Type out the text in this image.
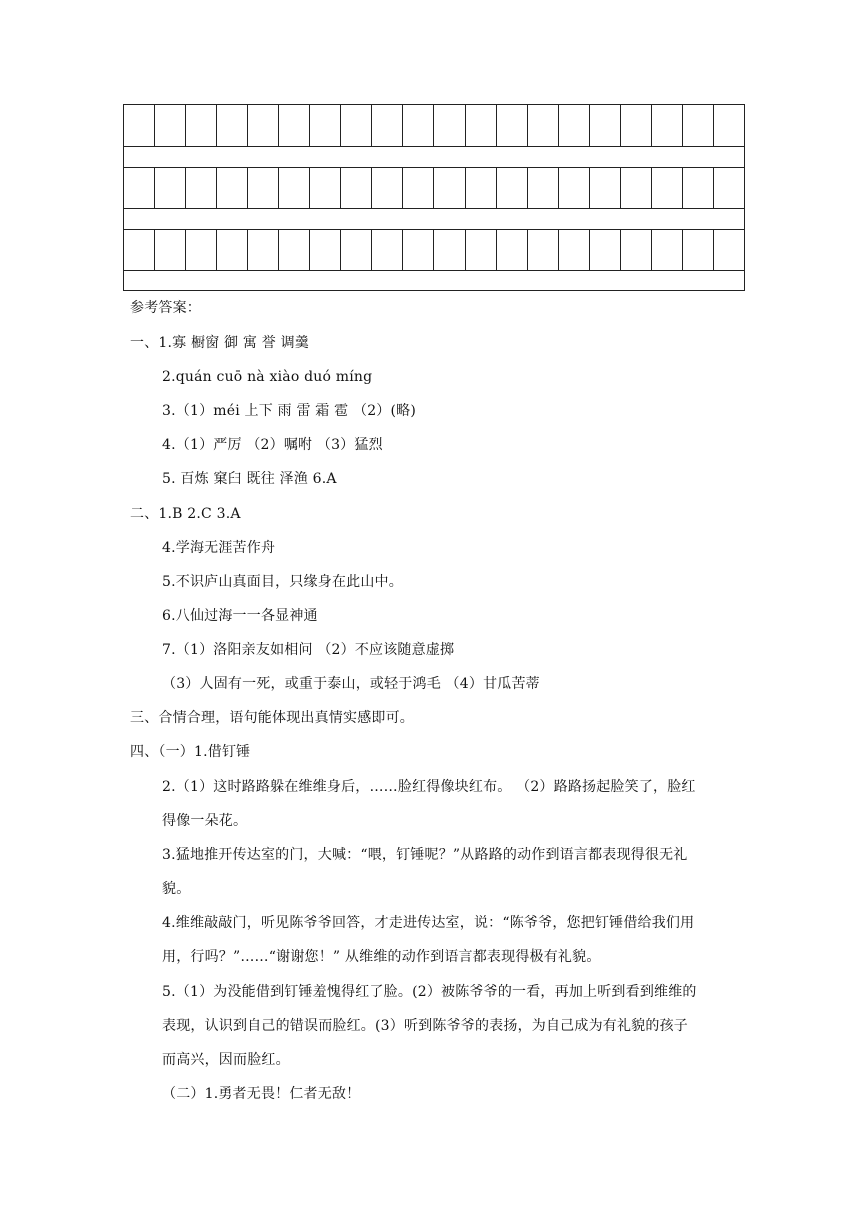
参考答案：
一、1.寡 橱窗 御 寓 誉 调羹
2.quán cuō nà xiào duó míng
3.（1）méi 上下 雨 雷 霜 雹 （2）(略)
4.（1）严厉 （2）嘱咐 （3）猛烈
5. 百炼 窠臼 既往 泽渔 6.A
二、1.B 2.C 3.A
4.学海无涯苦作舟
5.不识庐山真面目，只缘身在此山中。
6.八仙过海一一各显神通
7.（1）洛阳亲友如相问 （2）不应该随意虚掷
（3）人固有一死，或重于泰山，或轻于鸿毛 （4）甘瓜苦蒂
三、合情合理，语句能体现出真情实感即可。
四、（一）1.借钉锤
2.（1）这时路路躲在维维身后，……脸红得像块红布。 （2）路路扬起脸笑了，脸红
得像一朵花。
3.猛地推开传达室的门，大喊：“喂，钉锤呢？”从路路的动作到语言都表现得很无礼
貌。
4.维维敲敲门，听见陈爷爷回答，才走进传达室，说：“陈爷爷，您把钉锤借给我们用
用，行吗？”……“谢谢您！” 从维维的动作到语言都表现得极有礼貌。
5.（1）为没能借到钉锤羞愧得红了脸。(2）被陈爷爷的一看，再加上听到看到维维的
表现，认识到自己的错误而脸红。(3）听到陈爷爷的表扬，为自己成为有礼貌的孩子
而高兴，因而脸红。
（二）1.勇者无畏！仁者无敌！
